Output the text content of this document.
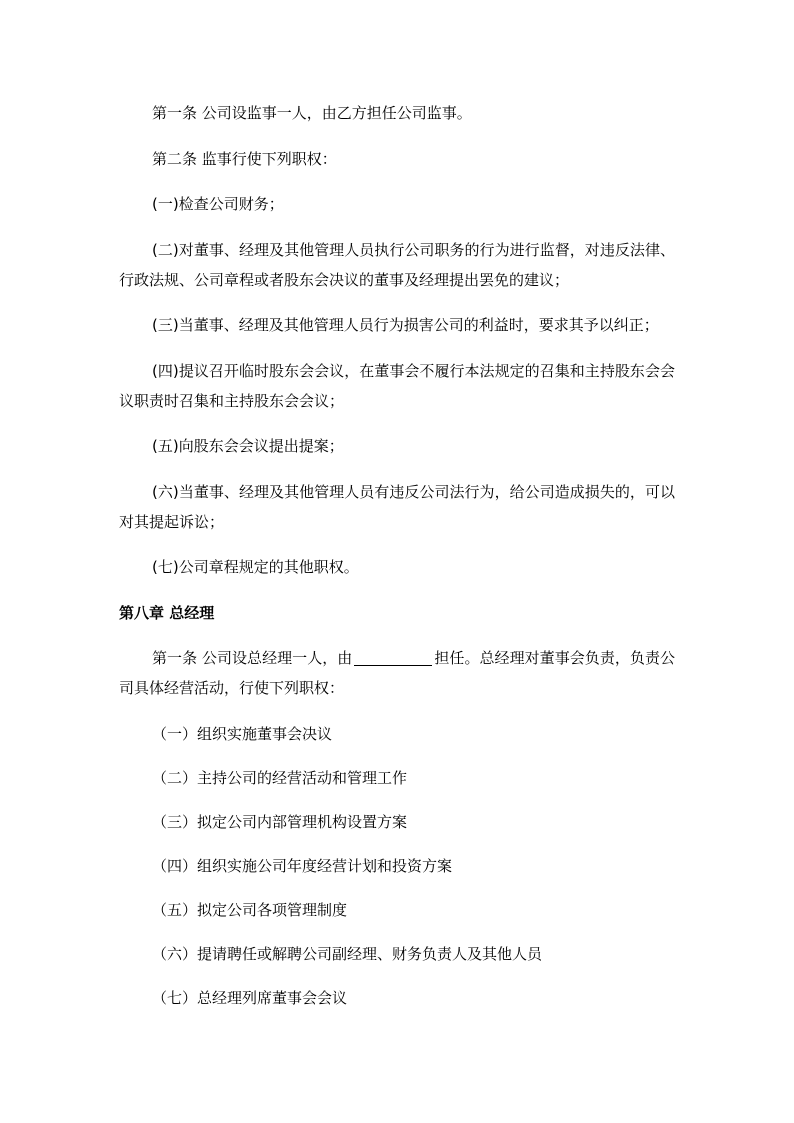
第一条 公司设监事一人，由乙方担任公司监事。

第二条 监事行使下列职权：

(一)检查公司财务；

(二)对董事、经理及其他管理人员执行公司职务的行为进行监督，对违反法律、行政法规、公司章程或者股东会决议的董事及经理提出罢免的建议；

(三)当董事、经理及其他管理人员行为损害公司的利益时，要求其予以纠正；

(四)提议召开临时股东会会议，在董事会不履行本法规定的召集和主持股东会会议职责时召集和主持股东会会议；

(五)向股东会会议提出提案；

(六)当董事、经理及其他管理人员有违反公司法行为，给公司造成损失的，可以对其提起诉讼；

(七)公司章程规定的其他职权。

第八章 总经理

第一条 公司设总经理一人，由	担任。总经理对董事会负责，负责公司具体经营活动，行使下列职权：

（一）组织实施董事会决议

（二）主持公司的经营活动和管理工作

（三）拟定公司内部管理机构设置方案

（四）组织实施公司年度经营计划和投资方案

（五）拟定公司各项管理制度

（六）提请聘任或解聘公司副经理、财务负责人及其他人员

（七）总经理列席董事会会议
